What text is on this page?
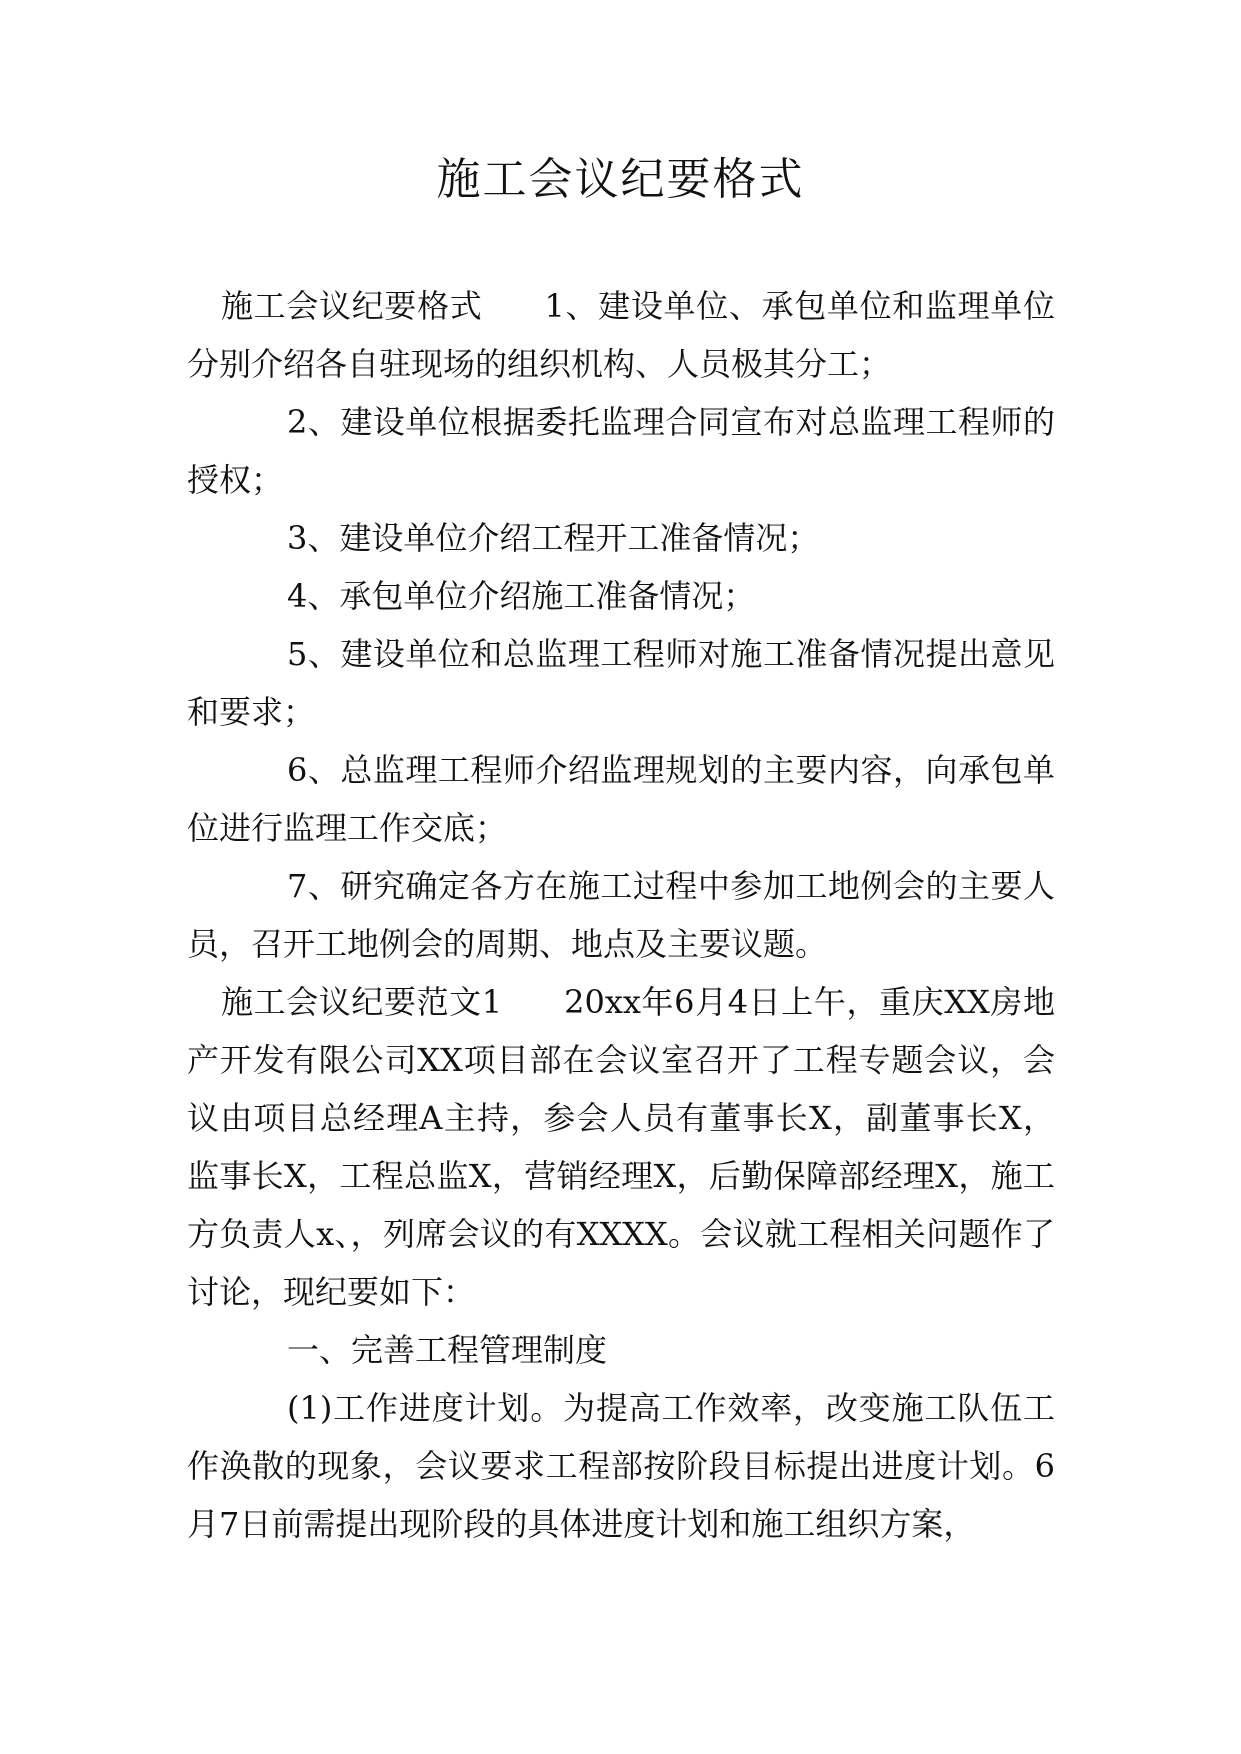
施工会议纪要格式

施工会议纪要格式 1、建设单位、承包单位和监理单位分别介绍各自驻现场的组织机构、人员极其分工；

2、建设单位根据委托监理合同宣布对总监理工程师的授权；

3、建设单位介绍工程开工准备情况；

4、承包单位介绍施工准备情况；

5、建设单位和总监理工程师对施工准备情况提出意见和要求；

6、总监理工程师介绍监理规划的主要内容，向承包单位进行监理工作交底；

7、研究确定各方在施工过程中参加工地例会的主要人员，召开工地例会的周期、地点及主要议题。

施工会议纪要范文1 20xx年6月4日上午，重庆XX房地产开发有限公司XX项目部在会议室召开了工程专题会议，会议由项目总经理A主持，参会人员有董事长X，副董事长X，监事长X，工程总监X，营销经理X，后勤保障部经理X，施工方负责人x、，列席会议的有XXXX。会议就工程相关问题作了讨论，现纪要如下：

一、完善工程管理制度

(1)工作进度计划。为提高工作效率，改变施工队伍工作涣散的现象，会议要求工程部按阶段目标提出进度计划。6月7日前需提出现阶段的具体进度计划和施工组织方案，
